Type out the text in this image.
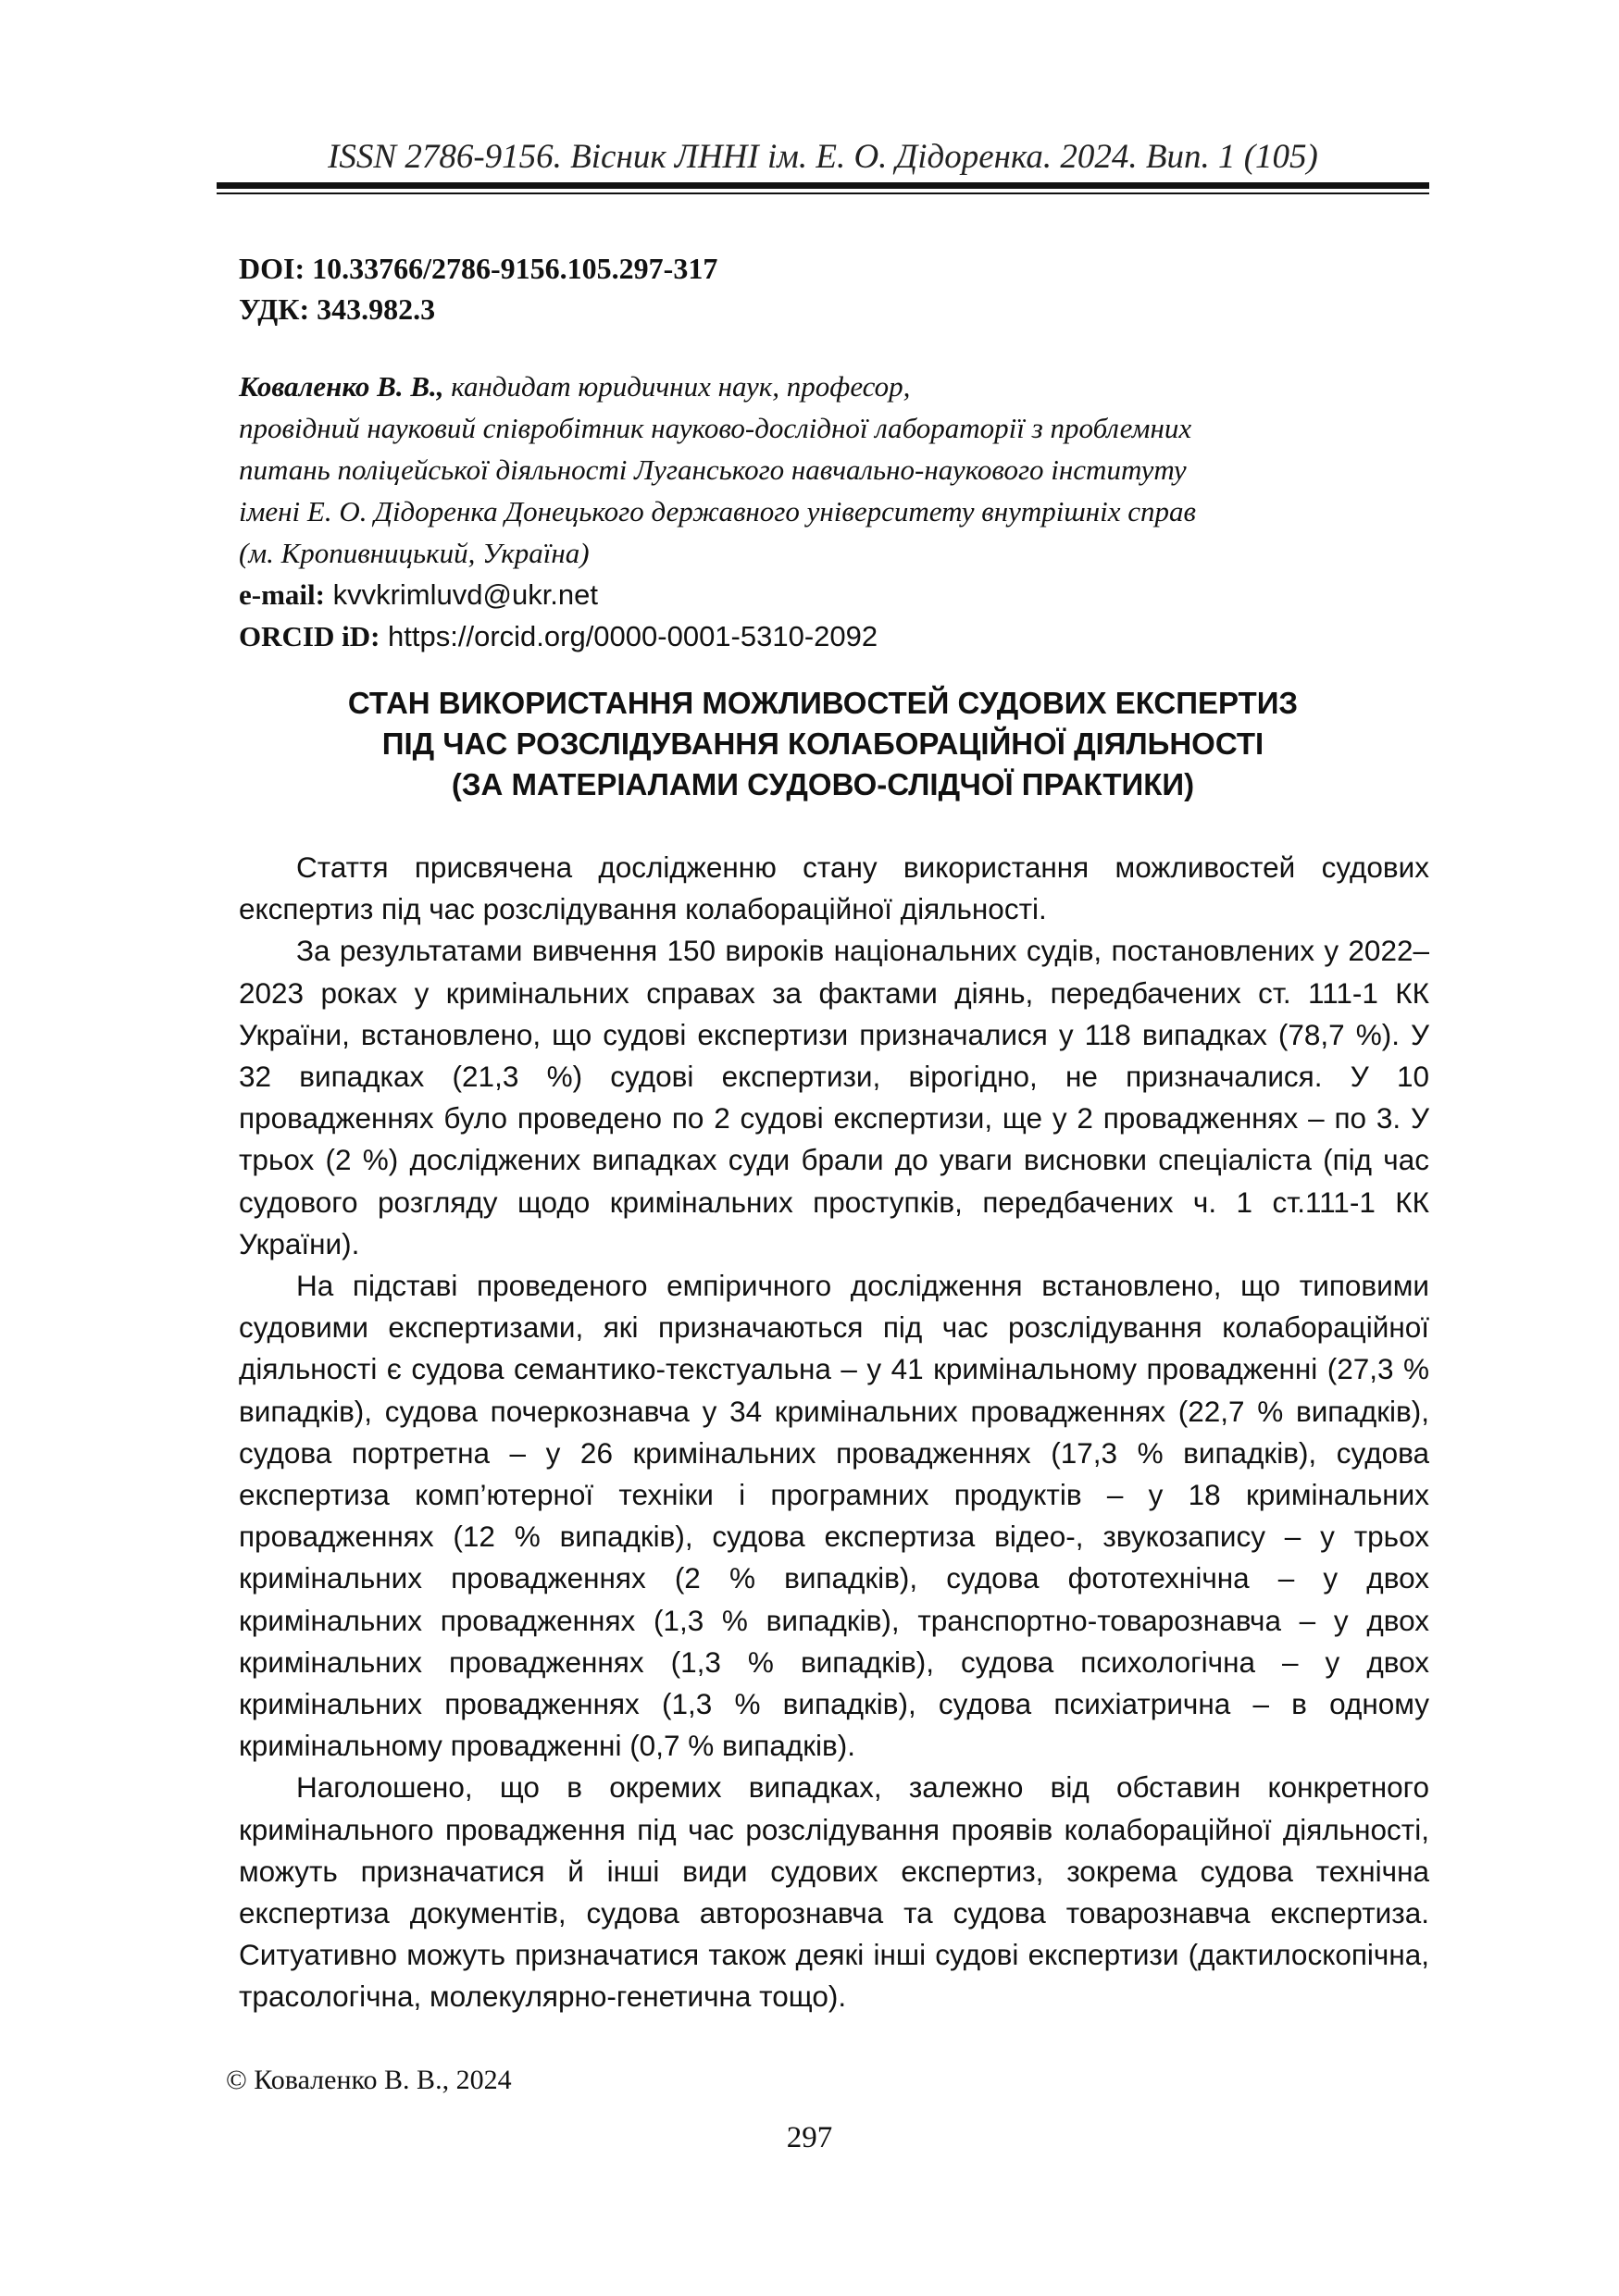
ISSN 2786-9156. Вісник ЛННІ ім. Е. О. Дідоренка. 2024. Вип. 1 (105)
DOI: 10.33766/2786-9156.105.297-317
УДК: 343.982.3
Коваленко В. В., кандидат юридичних наук, професор,
провідний науковий співробітник науково-дослідної лабораторії з проблемних
питань поліцейської діяльності Луганського навчально-наукового інституту
імені Е. О. Дідоренка Донецького державного університету внутрішніх справ
(м. Кропивницький, Україна)
e-mail: kvvkrimluvd@ukr.net
ORCID iD: https://orcid.org/0000-0001-5310-2092
СТАН ВИКОРИСТАННЯ МОЖЛИВОСТЕЙ СУДОВИХ ЕКСПЕРТИЗ
ПІД ЧАС РОЗСЛІДУВАННЯ КОЛАБОРАЦІЙНОЇ ДІЯЛЬНОСТІ
(ЗА МАТЕРІАЛАМИ СУДОВО-СЛІДЧОЇ ПРАКТИКИ)

Стаття присвячена дослідженню стану використання можливостей судових експертиз під час розслідування колабораційної діяльності.

За результатами вивчення 150 вироків національних судів, постановлених у 2022–2023 роках у кримінальних справах за фактами діянь, передбачених ст. 111-1 КК України, встановлено, що судові експертизи призначалися у 118 випадках (78,7 %). У 32 випадках (21,3 %) судові експертизи, вірогідно, не призначалися. У 10 провадженнях було проведено по 2 судові експертизи, ще у 2 провадженнях – по 3. У трьох (2 %) досліджених випадках суди брали до уваги висновки спеціаліста (під час судового розгляду щодо кримінальних проступків, передбачених ч. 1 ст.111-1 КК України).

На підставі проведеного емпіричного дослідження встановлено, що типовими судовими експертизами, які призначаються під час розслідування колабораційної діяльності є судова семантико-текстуальна – у 41 кримінальному провадженні (27,3 % випадків), судова почеркознавча у 34 кримінальних провадженнях (22,7 % випадків), судова портретна – у 26 кримінальних провадженнях (17,3 % випадків), судова експертиза комп’ютерної техніки і програмних продуктів – у 18 кримінальних провадженнях (12 % випадків), судова експертиза відео-, звукозапису – у трьох кримінальних провадженнях (2 % випадків), судова фототехнічна – у двох кримінальних провадженнях (1,3 % випадків), транспортно-товарознавча – у двох кримінальних провадженнях (1,3 % випадків), судова психологічна – у двох кримінальних провадженнях (1,3 % випадків), судова психіатрична – в одному кримінальному провадженні (0,7 % випадків).

Наголошено, що в окремих випадках, залежно від обставин конкретного кримінального провадження під час розслідування проявів колабораційної діяльності, можуть призначатися й інші види судових експертиз, зокрема судова технічна експертиза документів, судова авторознавча та судова товарознавча експертиза. Ситуативно можуть призначатися також деякі інші судові експертизи (дактилоскопічна, трасологічна, молекулярно-генетична тощо).

© Коваленко В. В., 2024
297
